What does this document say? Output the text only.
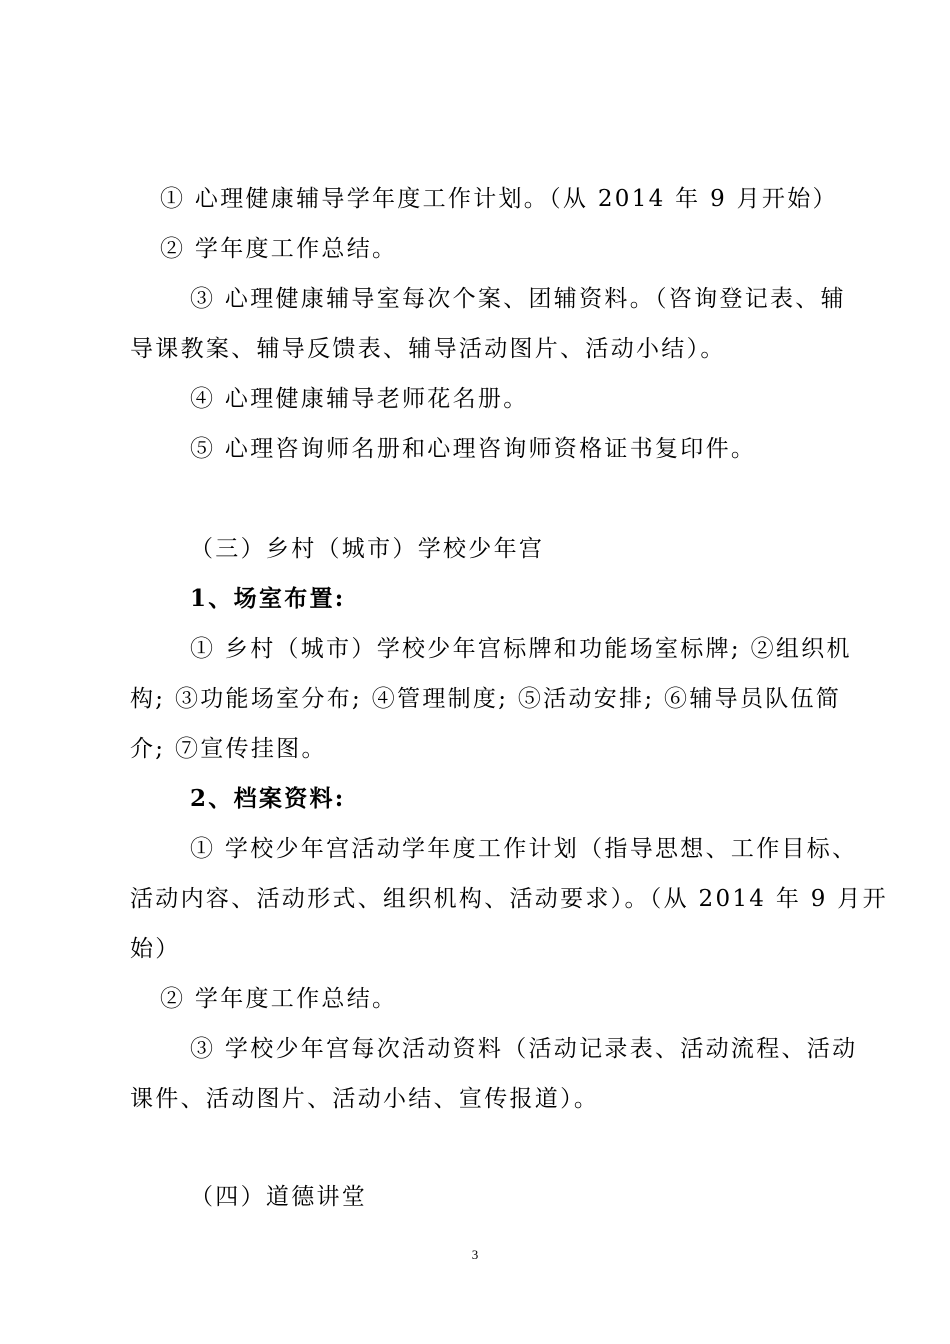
① 心理健康辅导学年度工作计划。（从 2014 年 9 月开始）
② 学年度工作总结。
③ 心理健康辅导室每次个案、团辅资料。（咨询登记表、辅
导课教案、辅导反馈表、辅导活动图片、活动小结）。
④ 心理健康辅导老师花名册。
⑤ 心理咨询师名册和心理咨询师资格证书复印件。
（三）乡村（城市）学校少年宫
1、场室布置:
① 乡村（城市）学校少年宫标牌和功能场室标牌; ②组织机
构; ③功能场室分布; ④管理制度; ⑤活动安排; ⑥辅导员队伍简
介; ⑦宣传挂图。
2、档案资料:
① 学校少年宫活动学年度工作计划（指导思想、工作目标、
活动内容、活动形式、组织机构、活动要求）。（从 2014 年 9 月开
始）
② 学年度工作总结。
③ 学校少年宫每次活动资料（活动记录表、活动流程、活动
课件、活动图片、活动小结、宣传报道）。
（四）道德讲堂
3
